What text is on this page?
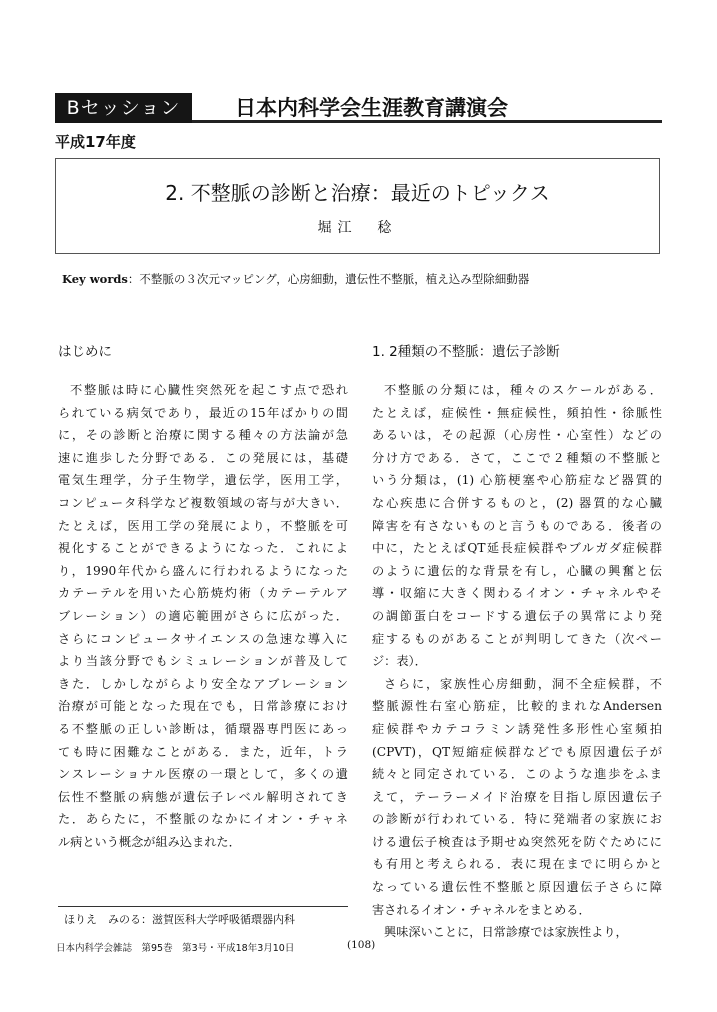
Bセッション	日本内科学会生涯教育講演会
平成17年度
2. 不整脈の診断と治療：最近のトピックス
堀江　稔
Key words：不整脈の３次元マッピング，心房細動，遺伝性不整脈，植え込み型除細動器
はじめに
不整脈は時に心臓性突然死を起こす点で恐れ
られている病気であり，最近の15年ばかりの間
に，その診断と治療に関する種々の方法論が急
速に進歩した分野である．この発展には，基礎
電気生理学，分子生物学，遺伝学，医用工学，
コンピュータ科学など複数領域の寄与が大きい．
たとえば，医用工学の発展により，不整脈を可
視化することができるようになった．これによ
り，1990年代から盛んに行われるようになった
カテーテルを用いた心筋焼灼術（カテーテルア
ブレーション）の適応範囲がさらに広がった．
さらにコンピュータサイエンスの急速な導入に
より当該分野でもシミュレーションが普及して
きた．しかしながらより安全なアブレーション
治療が可能となった現在でも，日常診療におけ
る不整脈の正しい診断は，循環器専門医にあっ
ても時に困難なことがある．また，近年，トラ
ンスレーショナル医療の一環として，多くの遺
伝性不整脈の病態が遺伝子レベル解明されてき
た．あらたに，不整脈のなかにイオン・チャネ
ル病という概念が組み込まれた．
1. 2種類の不整脈：遺伝子診断
不整脈の分類には，種々のスケールがある．
たとえば，症候性・無症候性，頻拍性・徐脈性
あるいは，その起源（心房性・心室性）などの
分け方である．さて，ここで２種類の不整脈と
いう分類は，(1) 心筋梗塞や心筋症など器質的
な心疾患に合併するものと，(2) 器質的な心臓
障害を有さないものと言うものである．後者の
中に，たとえばQT延長症候群やブルガダ症候群
のように遺伝的な背景を有し，心臓の興奮と伝
導・収縮に大きく関わるイオン・チャネルやそ
の調節蛋白をコードする遺伝子の異常により発
症するものがあることが判明してきた（次ペー
ジ：表）．
さらに，家族性心房細動，洞不全症候群，不
整脈源性右室心筋症，比較的まれなAndersen
症候群やカテコラミン誘発性多形性心室頻拍
(CPVT)，QT短縮症候群などでも原因遺伝子が
続々と同定されている．このような進歩をふま
えて，テーラーメイド治療を目指し原因遺伝子
の診断が行われている．特に発端者の家族にお
ける遺伝子検査は予期せぬ突然死を防ぐためにに
も有用と考えられる．表に現在までに明らかと
なっている遺伝性不整脈と原因遺伝子さらに障
害されるイオン・チャネルをまとめる．
興味深いことに，日常診療では家族性より，
ほりえ　みのる：滋賀医科大学呼吸循環器内科
日本内科学会雑誌　第95巻　第3号・平成18年3月10日	(108)
